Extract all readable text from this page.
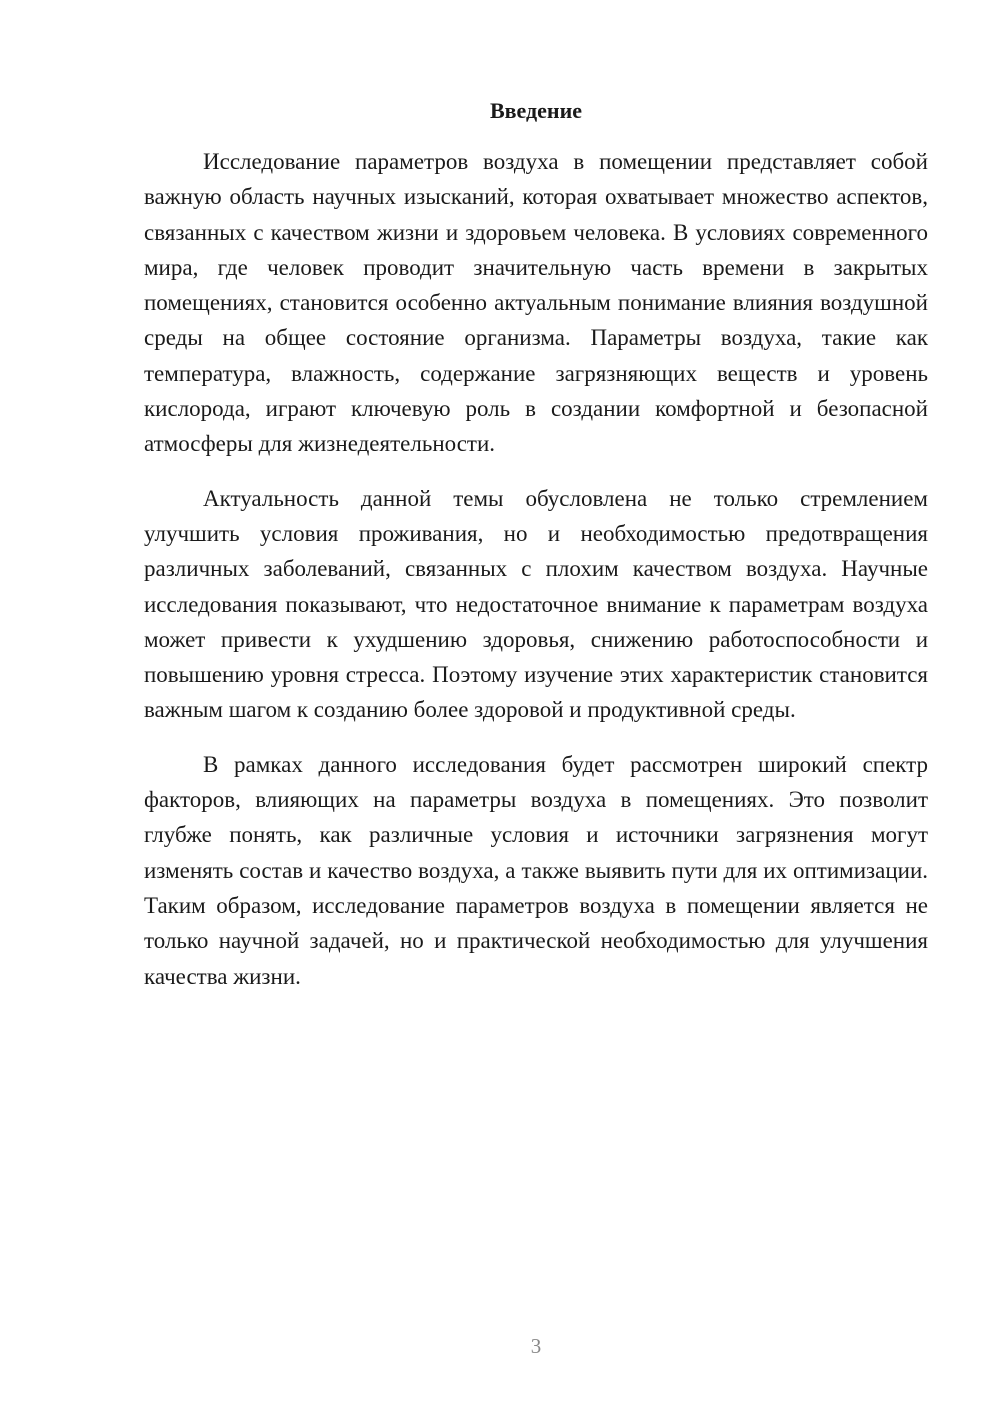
Введение

Исследование параметров воздуха в помещении представляет собой важную область научных изысканий, которая охватывает множество аспектов, связанных с качеством жизни и здоровьем человека. В условиях современного мира, где человек проводит значительную часть времени в закрытых помещениях, становится особенно актуальным понимание влияния воздушной среды на общее состояние организма. Параметры воздуха, такие как температура, влажность, содержание загрязняющих веществ и уровень кислорода, играют ключевую роль в создании комфортной и безопасной атмосферы для жизнедеятельности.

Актуальность данной темы обусловлена не только стремлением улучшить условия проживания, но и необходимостью предотвращения различных заболеваний, связанных с плохим качеством воздуха. Научные исследования показывают, что недостаточное внимание к параметрам воздуха может привести к ухудшению здоровья, снижению работоспособности и повышению уровня стресса. Поэтому изучение этих характеристик становится важным шагом к созданию более здоровой и продуктивной среды.

В рамках данного исследования будет рассмотрен широкий спектр факторов, влияющих на параметры воздуха в помещениях. Это позволит глубже понять, как различные условия и источники загрязнения могут изменять состав и качество воздуха, а также выявить пути для их оптимизации. Таким образом, исследование параметров воздуха в помещении является не только научной задачей, но и практической необходимостью для улучшения качества жизни.

3
